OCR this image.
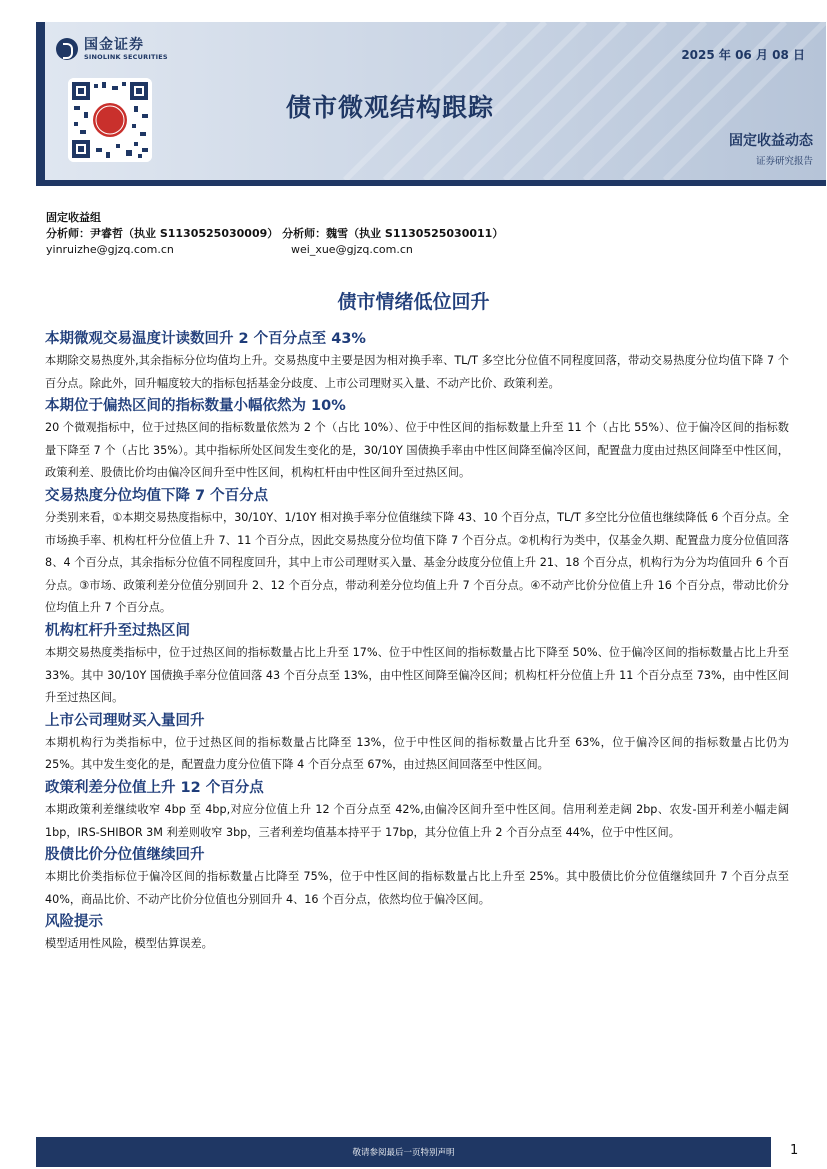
国金证券
SINOLINK SECURITIES	2025 年 06 月 08 日
债市微观结构跟踪
固定收益动态
证券研究报告
固定收益组
分析师：尹睿哲（执业 S1130525030009） 分析师：魏雪（执业 S1130525030011）
yinruizhe@gjzq.com.cn	wei_xue@gjzq.com.cn
债市情绪低位回升
本期微观交易温度计读数回升 2 个百分点至 43%

本期除交易热度外,其余指标分位均值均上升。交易热度中主要是因为相对换手率、TL/T 多空比分位值不同程度回落，带动交易热度分位均值下降 7 个百分点。除此外，回升幅度较大的指标包括基金分歧度、上市公司理财买入量、不动产比价、政策利差。

本期位于偏热区间的指标数量小幅依然为 10%

20 个微观指标中，位于过热区间的指标数量依然为 2 个（占比 10%）、位于中性区间的指标数量上升至 11 个（占比 55%）、位于偏冷区间的指标数量下降至 7 个（占比 35%）。其中指标所处区间发生变化的是，30/10Y 国债换手率由中性区间降至偏冷区间，配置盘力度由过热区间降至中性区间，政策利差、股债比价均由偏冷区间升至中性区间，机构杠杆由中性区间升至过热区间。

交易热度分位均值下降 7 个百分点

分类别来看，①本期交易热度指标中，30/10Y、1/10Y 相对换手率分位值继续下降 43、10 个百分点，TL/T 多空比分位值也继续降低 6 个百分点。全市场换手率、机构杠杆分位值上升 7、11 个百分点，因此交易热度分位均值下降 7 个百分点。②机构行为类中，仅基金久期、配置盘力度分位值回落 8、4 个百分点，其余指标分位值不同程度回升，其中上市公司理财买入量、基金分歧度分位值上升 21、18 个百分点，机构行为分为均值回升 6 个百分点。③市场、政策利差分位值分别回升 2、12 个百分点，带动利差分位均值上升 7 个百分点。④不动产比价分位值上升 16 个百分点，带动比价分位均值上升 7 个百分点。

机构杠杆升至过热区间

本期交易热度类指标中，位于过热区间的指标数量占比上升至 17%、位于中性区间的指标数量占比下降至 50%、位于偏冷区间的指标数量占比上升至 33%。其中 30/10Y 国债换手率分位值回落 43 个百分点至 13%，由中性区间降至偏冷区间；机构杠杆分位值上升 11 个百分点至 73%，由中性区间升至过热区间。

上市公司理财买入量回升

本期机构行为类指标中，位于过热区间的指标数量占比降至 13%，位于中性区间的指标数量占比升至 63%，位于偏冷区间的指标数量占比仍为 25%。其中发生变化的是，配置盘力度分位值下降 4 个百分点至 67%，由过热区间回落至中性区间。

政策利差分位值上升 12 个百分点

本期政策利差继续收窄 4bp 至 4bp,对应分位值上升 12 个百分点至 42%,由偏冷区间升至中性区间。信用利差走阔 2bp、农发-国开利差小幅走阔 1bp，IRS-SHIBOR 3M 利差则收窄 3bp，三者利差均值基本持平于 17bp，其分位值上升 2 个百分点至 44%，位于中性区间。

股债比价分位值继续回升

本期比价类指标位于偏冷区间的指标数量占比降至 75%，位于中性区间的指标数量占比上升至 25%。其中股债比价分位值继续回升 7 个百分点至 40%，商品比价、不动产比价分位值也分别回升 4、16 个百分点，依然均位于偏冷区间。

风险提示

模型适用性风险，模型估算误差。

敬请参阅最后一页特别声明	1
